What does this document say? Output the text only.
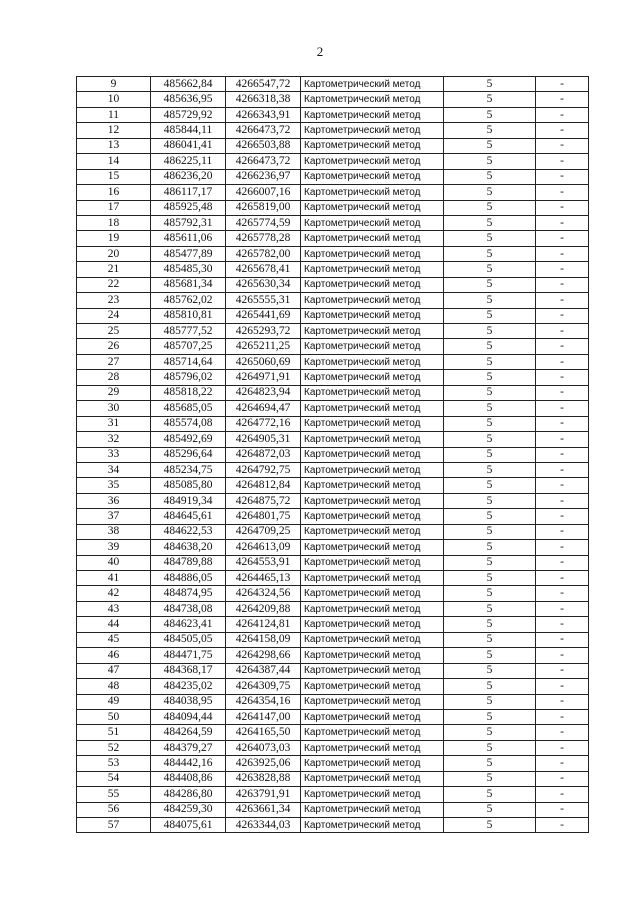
2
9	485662,84	4266547,72	Картометрический метод	5	-
10	485636,95	4266318,38	Картометрический метод	5	-
11	485729,92	4266343,91	Картометрический метод	5	-
12	485844,11	4266473,72	Картометрический метод	5	-
13	486041,41	4266503,88	Картометрический метод	5	-
14	486225,11	4266473,72	Картометрический метод	5	-
15	486236,20	4266236,97	Картометрический метод	5	-
16	486117,17	4266007,16	Картометрический метод	5	-
17	485925,48	4265819,00	Картометрический метод	5	-
18	485792,31	4265774,59	Картометрический метод	5	-
19	485611,06	4265778,28	Картометрический метод	5	-
20	485477,89	4265782,00	Картометрический метод	5	-
21	485485,30	4265678,41	Картометрический метод	5	-
22	485681,34	4265630,34	Картометрический метод	5	-
23	485762,02	4265555,31	Картометрический метод	5	-
24	485810,81	4265441,69	Картометрический метод	5	-
25	485777,52	4265293,72	Картометрический метод	5	-
26	485707,25	4265211,25	Картометрический метод	5	-
27	485714,64	4265060,69	Картометрический метод	5	-
28	485796,02	4264971,91	Картометрический метод	5	-
29	485818,22	4264823,94	Картометрический метод	5	-
30	485685,05	4264694,47	Картометрический метод	5	-
31	485574,08	4264772,16	Картометрический метод	5	-
32	485492,69	4264905,31	Картометрический метод	5	-
33	485296,64	4264872,03	Картометрический метод	5	-
34	485234,75	4264792,75	Картометрический метод	5	-
35	485085,80	4264812,84	Картометрический метод	5	-
36	484919,34	4264875,72	Картометрический метод	5	-
37	484645,61	4264801,75	Картометрический метод	5	-
38	484622,53	4264709,25	Картометрический метод	5	-
39	484638,20	4264613,09	Картометрический метод	5	-
40	484789,88	4264553,91	Картометрический метод	5	-
41	484886,05	4264465,13	Картометрический метод	5	-
42	484874,95	4264324,56	Картометрический метод	5	-
43	484738,08	4264209,88	Картометрический метод	5	-
44	484623,41	4264124,81	Картометрический метод	5	-
45	484505,05	4264158,09	Картометрический метод	5	-
46	484471,75	4264298,66	Картометрический метод	5	-
47	484368,17	4264387,44	Картометрический метод	5	-
48	484235,02	4264309,75	Картометрический метод	5	-
49	484038,95	4264354,16	Картометрический метод	5	-
50	484094,44	4264147,00	Картометрический метод	5	-
51	484264,59	4264165,50	Картометрический метод	5	-
52	484379,27	4264073,03	Картометрический метод	5	-
53	484442,16	4263925,06	Картометрический метод	5	-
54	484408,86	4263828,88	Картометрический метод	5	-
55	484286,80	4263791,91	Картометрический метод	5	-
56	484259,30	4263661,34	Картометрический метод	5	-
57	484075,61	4263344,03	Картометрический метод	5	-
